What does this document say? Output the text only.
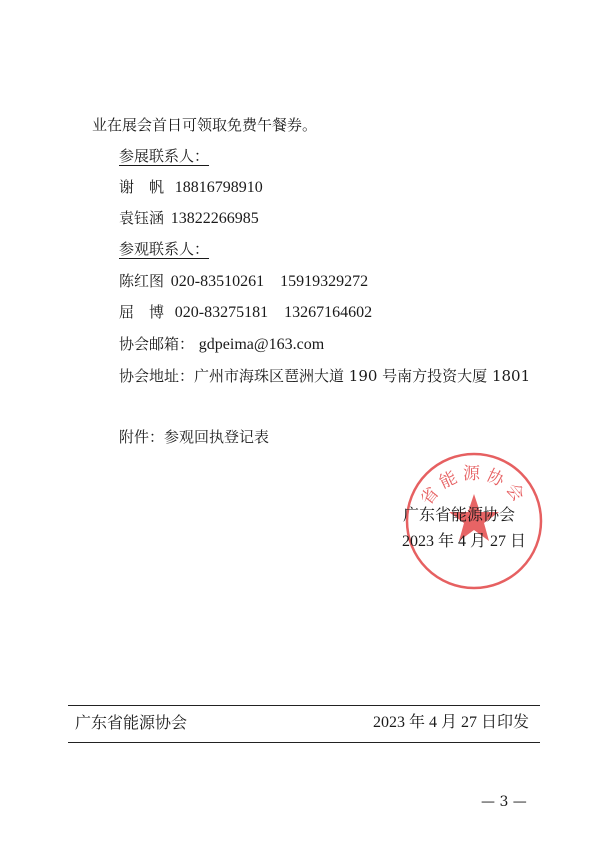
业在展会首日可领取免费午餐券。
参展联系人：
谢　帆 18816798910
袁钰涵 13822266985
参观联系人：
陈红图 020-83510261　15919329272
屈　博 020-83275181　13267164602
协会邮箱： gdpeima@163.com
协会地址：广州市海珠区琶洲大道 190 号南方投资大厦 1801
附件：参观回执登记表
省能源协会
广东省能源协会
2023 年 4 月 27 日
广东省能源协会	2023 年 4 月 27 日印发
— 3 —
